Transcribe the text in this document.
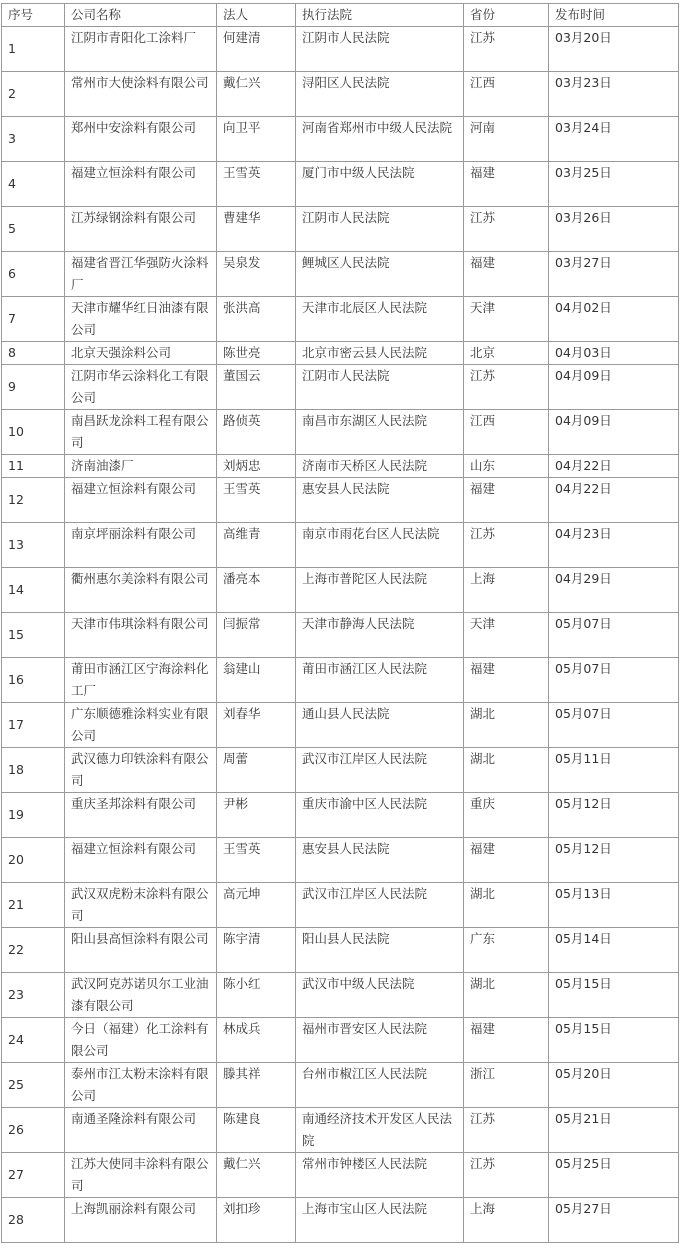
序号	公司名称	法人	执行法院	省份	发布时间
1	江阴市青阳化工涂料厂	何建清	江阴市人民法院	江苏	03月20日
2	常州市大使涂料有限公司	戴仁兴	浔阳区人民法院	江西	03月23日
3	郑州中安涂料有限公司	向卫平	河南省郑州市中级人民法院	河南	03月24日
4	福建立恒涂料有限公司	王雪英	厦门市中级人民法院	福建	03月25日
5	江苏绿钢涂料有限公司	曹建华	江阴市人民法院	江苏	03月26日
6	福建省晋江华强防火涂料厂	吴泉发	鲤城区人民法院	福建	03月27日
7	天津市耀华红日油漆有限公司	张洪高	天津市北辰区人民法院	天津	04月02日
8	北京天强涂料公司	陈世亮	北京市密云县人民法院	北京	04月03日
9	江阴市华云涂料化工有限公司	董国云	江阴市人民法院	江苏	04月09日
10	南昌跃龙涂料工程有限公司	路侦英	南昌市东湖区人民法院	江西	04月09日
11	济南油漆厂	刘炳忠	济南市天桥区人民法院	山东	04月22日
12	福建立恒涂料有限公司	王雪英	惠安县人民法院	福建	04月22日
13	南京坪丽涂料有限公司	高维青	南京市雨花台区人民法院	江苏	04月23日
14	衢州惠尔美涂料有限公司	潘亮本	上海市普陀区人民法院	上海	04月29日
15	天津市伟琪涂料有限公司	闫振常	天津市静海人民法院	天津	05月07日
16	莆田市涵江区宁海涂料化工厂	翁建山	莆田市涵江区人民法院	福建	05月07日
17	广东顺德雅涂料实业有限公司	刘春华	通山县人民法院	湖北	05月07日
18	武汉德力印铁涂料有限公司	周蕾	武汉市江岸区人民法院	湖北	05月11日
19	重庆圣邦涂料有限公司	尹彬	重庆市渝中区人民法院	重庆	05月12日
20	福建立恒涂料有限公司	王雪英	惠安县人民法院	福建	05月12日
21	武汉双虎粉末涂料有限公司	高元坤	武汉市江岸区人民法院	湖北	05月13日
22	阳山县高恒涂料有限公司	陈宇清	阳山县人民法院	广东	05月14日
23	武汉阿克苏诺贝尔工业油漆有限公司	陈小红	武汉市中级人民法院	湖北	05月15日
24	今日（福建）化工涂料有限公司	林成兵	福州市晋安区人民法院	福建	05月15日
25	泰州市江太粉末涂料有限公司	滕其祥	台州市椒江区人民法院	浙江	05月20日
26	南通圣隆涂料有限公司	陈建良	南通经济技术开发区人民法院	江苏	05月21日
27	江苏大使同丰涂料有限公司	戴仁兴	常州市钟楼区人民法院	江苏	05月25日
28	上海凯丽涂料有限公司	刘扣珍	上海市宝山区人民法院	上海	05月27日
